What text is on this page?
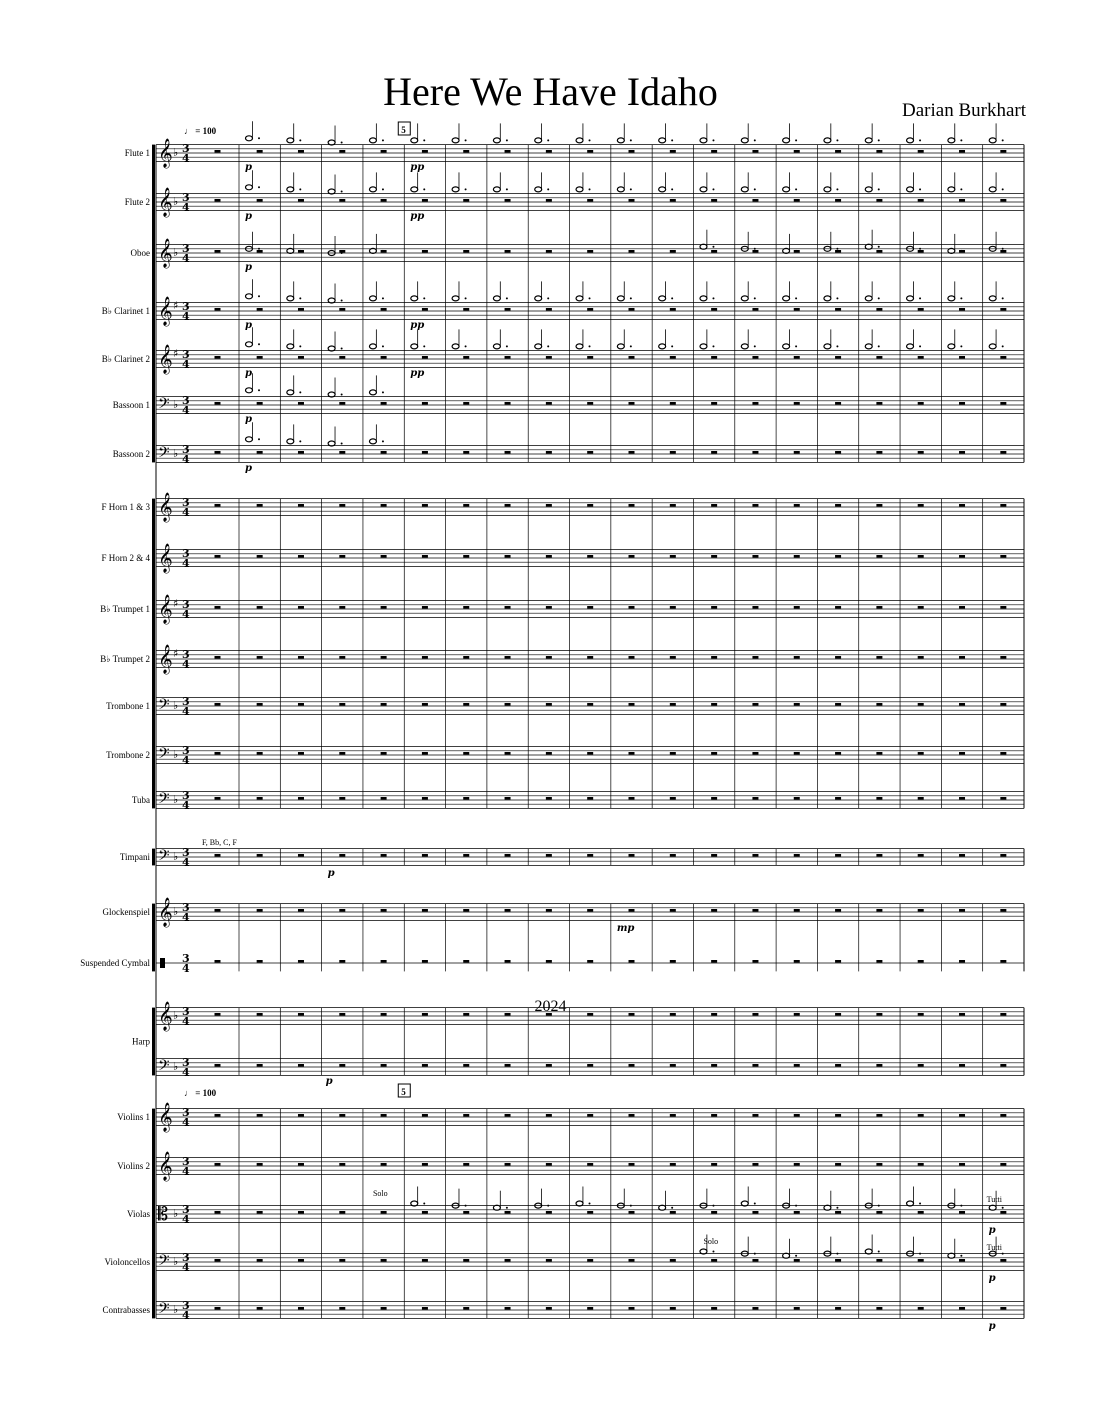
Here We Have Idaho	Darian Burkhart
𝄞 ♭ 3
4
Flute 1
𝄞 ♭ 3
4
Flute 2
𝄞 ♭ 3
4
Oboe
𝄞 ♯ 3
4
B♭ Clarinet 1
𝄞 ♯ 3
4
B♭ Clarinet 2
𝄢 ♭ 3
4
Bassoon 1
𝄢 ♭ 3
4
Bassoon 2
𝄞 3
4
F Horn 1 & 3
𝄞 3
4
F Horn 2 & 4
𝄞 ♯ 3
4
B♭ Trumpet 1
𝄞 ♯ 3
4
B♭ Trumpet 2
𝄢 ♭ 3
4
Trombone 1
𝄢 ♭ 3
4
Trombone 2
𝄢 ♭ 3
4
Tuba
𝄢 ♭ 3
4
Timpani
𝄞 ♭ 3
4
Glockenspiel
3
4
Suspended Cymbal
𝄞 ♭ 3
4
𝄢 ♭ 3
4
Harp
𝄞 3
4
Violins 1
𝄞 3
4
Violins 2
𝄡 ♭ 3
4
Violas
𝄢 ♭ 3
4
Violoncellos
𝄢 ♭ 3
4
Contrabasses
♩ = 100
♩ = 100
5
5
p
p
p
p
p
p
p
pp
pp
pp
pp
mp
p
p
p
p
p
F, Bb, C, F
Solo
Solo
Tutti
Tutti
2024
